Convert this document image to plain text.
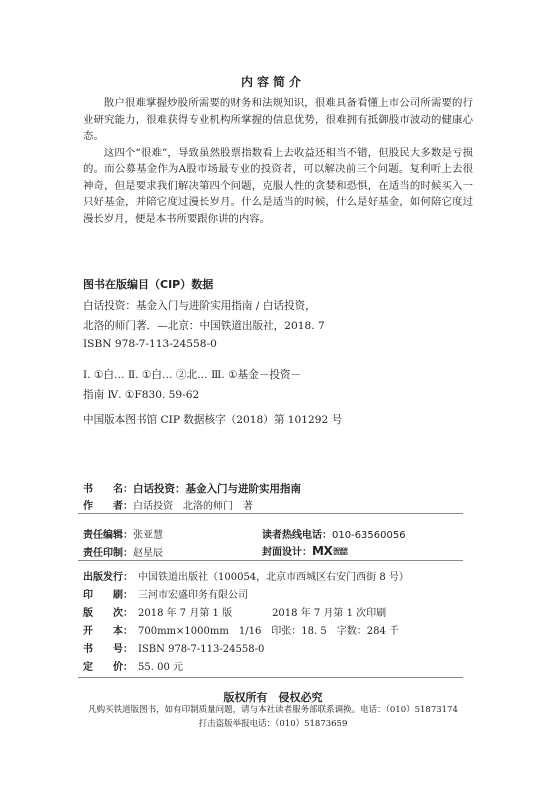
内容简介

散户很难掌握炒股所需要的财务和法规知识，很难具备看懂上市公司所需要的行业研究能力，很难获得专业机构所掌握的信息优势，很难拥有抵御股市波动的健康心态。

这四个“很难”，导致虽然股票指数看上去收益还相当不错，但股民大多数是亏损的。而公募基金作为A股市场最专业的投资者，可以解决前三个问题。复利听上去很神奇，但是要求我们解决第四个问题，克服人性的贪婪和恐惧，在适当的时候买入一只好基金，并陪它度过漫长岁月。什么是适当的时候，什么是好基金，如何陪它度过漫长岁月，便是本书所要跟你讲的内容。

图书在版编目（CIP）数据
白话投资：基金入门与进阶实用指南 / 白话投资，
北洛的师门著．—北京：中国铁道出版社，2018. 7
ISBN 978-7-113-24558-0
Ⅰ. ①白… Ⅱ. ①白… ②北… Ⅲ. ①基金－投资－
指南 Ⅳ. ①F830. 59-62
中国版本图书馆 CIP 数据核字（2018）第 101292 号
书　　名：白话投资：基金入门与进阶实用指南
作　　者：白话投资　北洛的师门　著
责任编辑：张亚慧	读者热线电话：010-63560056
责任印制：赵星辰	封面设计：MXDESIGN STUDIO
出版发行： 中国铁道出版社（100054，北京市西城区右安门西街 8 号）
印　　刷： 三河市宏盛印务有限公司
版　　次： 2018 年 7 月第 1 版　　　　2018 年 7 月第 1 次印刷
开　　本： 700mm×1000mm　1/16　印张：18. 5　字数：284 千
书　　号： ISBN 978-7-113-24558-0
定　　价： 55. 00 元
版权所有　侵权必究
凡购买铁道版图书，如有印制质量问题，请与本社读者服务部联系调换。电话：（010）51873174
打击盗版举报电话：（010）51873659
